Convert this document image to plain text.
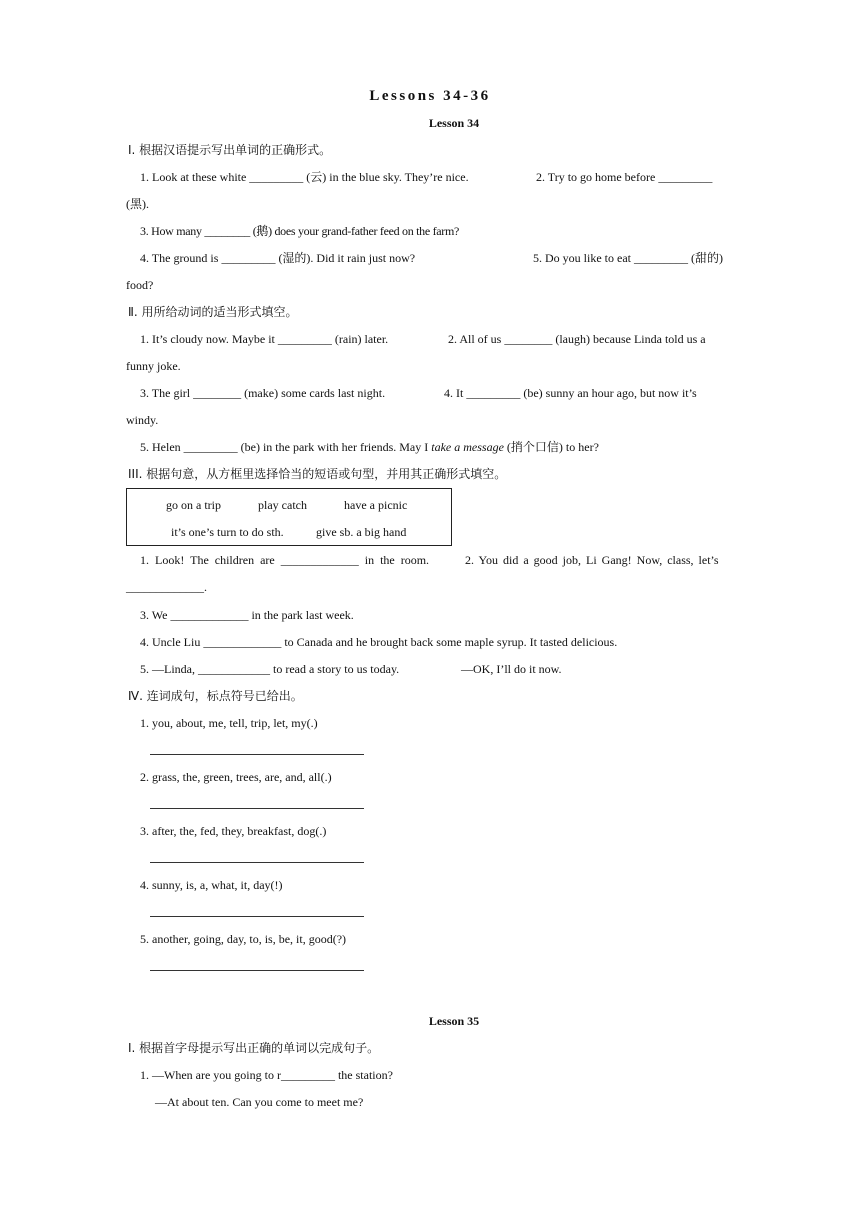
Lessons 34-36
Lesson 34
Ⅰ. 根据汉语提示写出单词的正确形式。
1. Look at these white _________ (云) in the blue sky. They’re nice.	2. Try to go home before _________
(黑).
3. How many ________ (鹅) does your grand-father feed on the farm?
4. The ground is _________ (湿的). Did it rain just now?	5. Do you like to eat _________ (甜的)
food?
Ⅱ. 用所给动词的适当形式填空。
1. It’s cloudy now. Maybe it _________ (rain) later.	2. All of us ________ (laugh) because Linda told us a
funny joke.
3. The girl ________ (make) some cards last night.	4. It _________ (be) sunny an hour ago, but now it’s
windy.
5. Helen _________ (be) in the park with her friends. May I take a message (捎个口信) to her?
III. 根据句意，从方框里选择恰当的短语或句型，并用其正确形式填空。
go on a trip	play catch	have a picnic
it’s one’s turn to do sth.	give sb. a big hand
1. Look! The children are _____________ in the room.	2. You did a good job, Li Gang! Now, class, let’s
_____________.
3. We _____________ in the park last week.
4. Uncle Liu _____________ to Canada and he brought back some maple syrup. It tasted delicious.
5. —Linda, ____________ to read a story to us today.	—OK, I’ll do it now.
Ⅳ. 连词成句，标点符号已给出。
1. you, about, me, tell, trip, let, my(.)
2. grass, the, green, trees, are, and, all(.)
3. after, the, fed, they, breakfast, dog(.)
4. sunny, is, a, what, it, day(!)
5. another, going, day, to, is, be, it, good(?)
Lesson 35
Ⅰ. 根据首字母提示写出正确的单词以完成句子。
1. —When are you going to r_________ the station?
—At about ten. Can you come to meet me?
